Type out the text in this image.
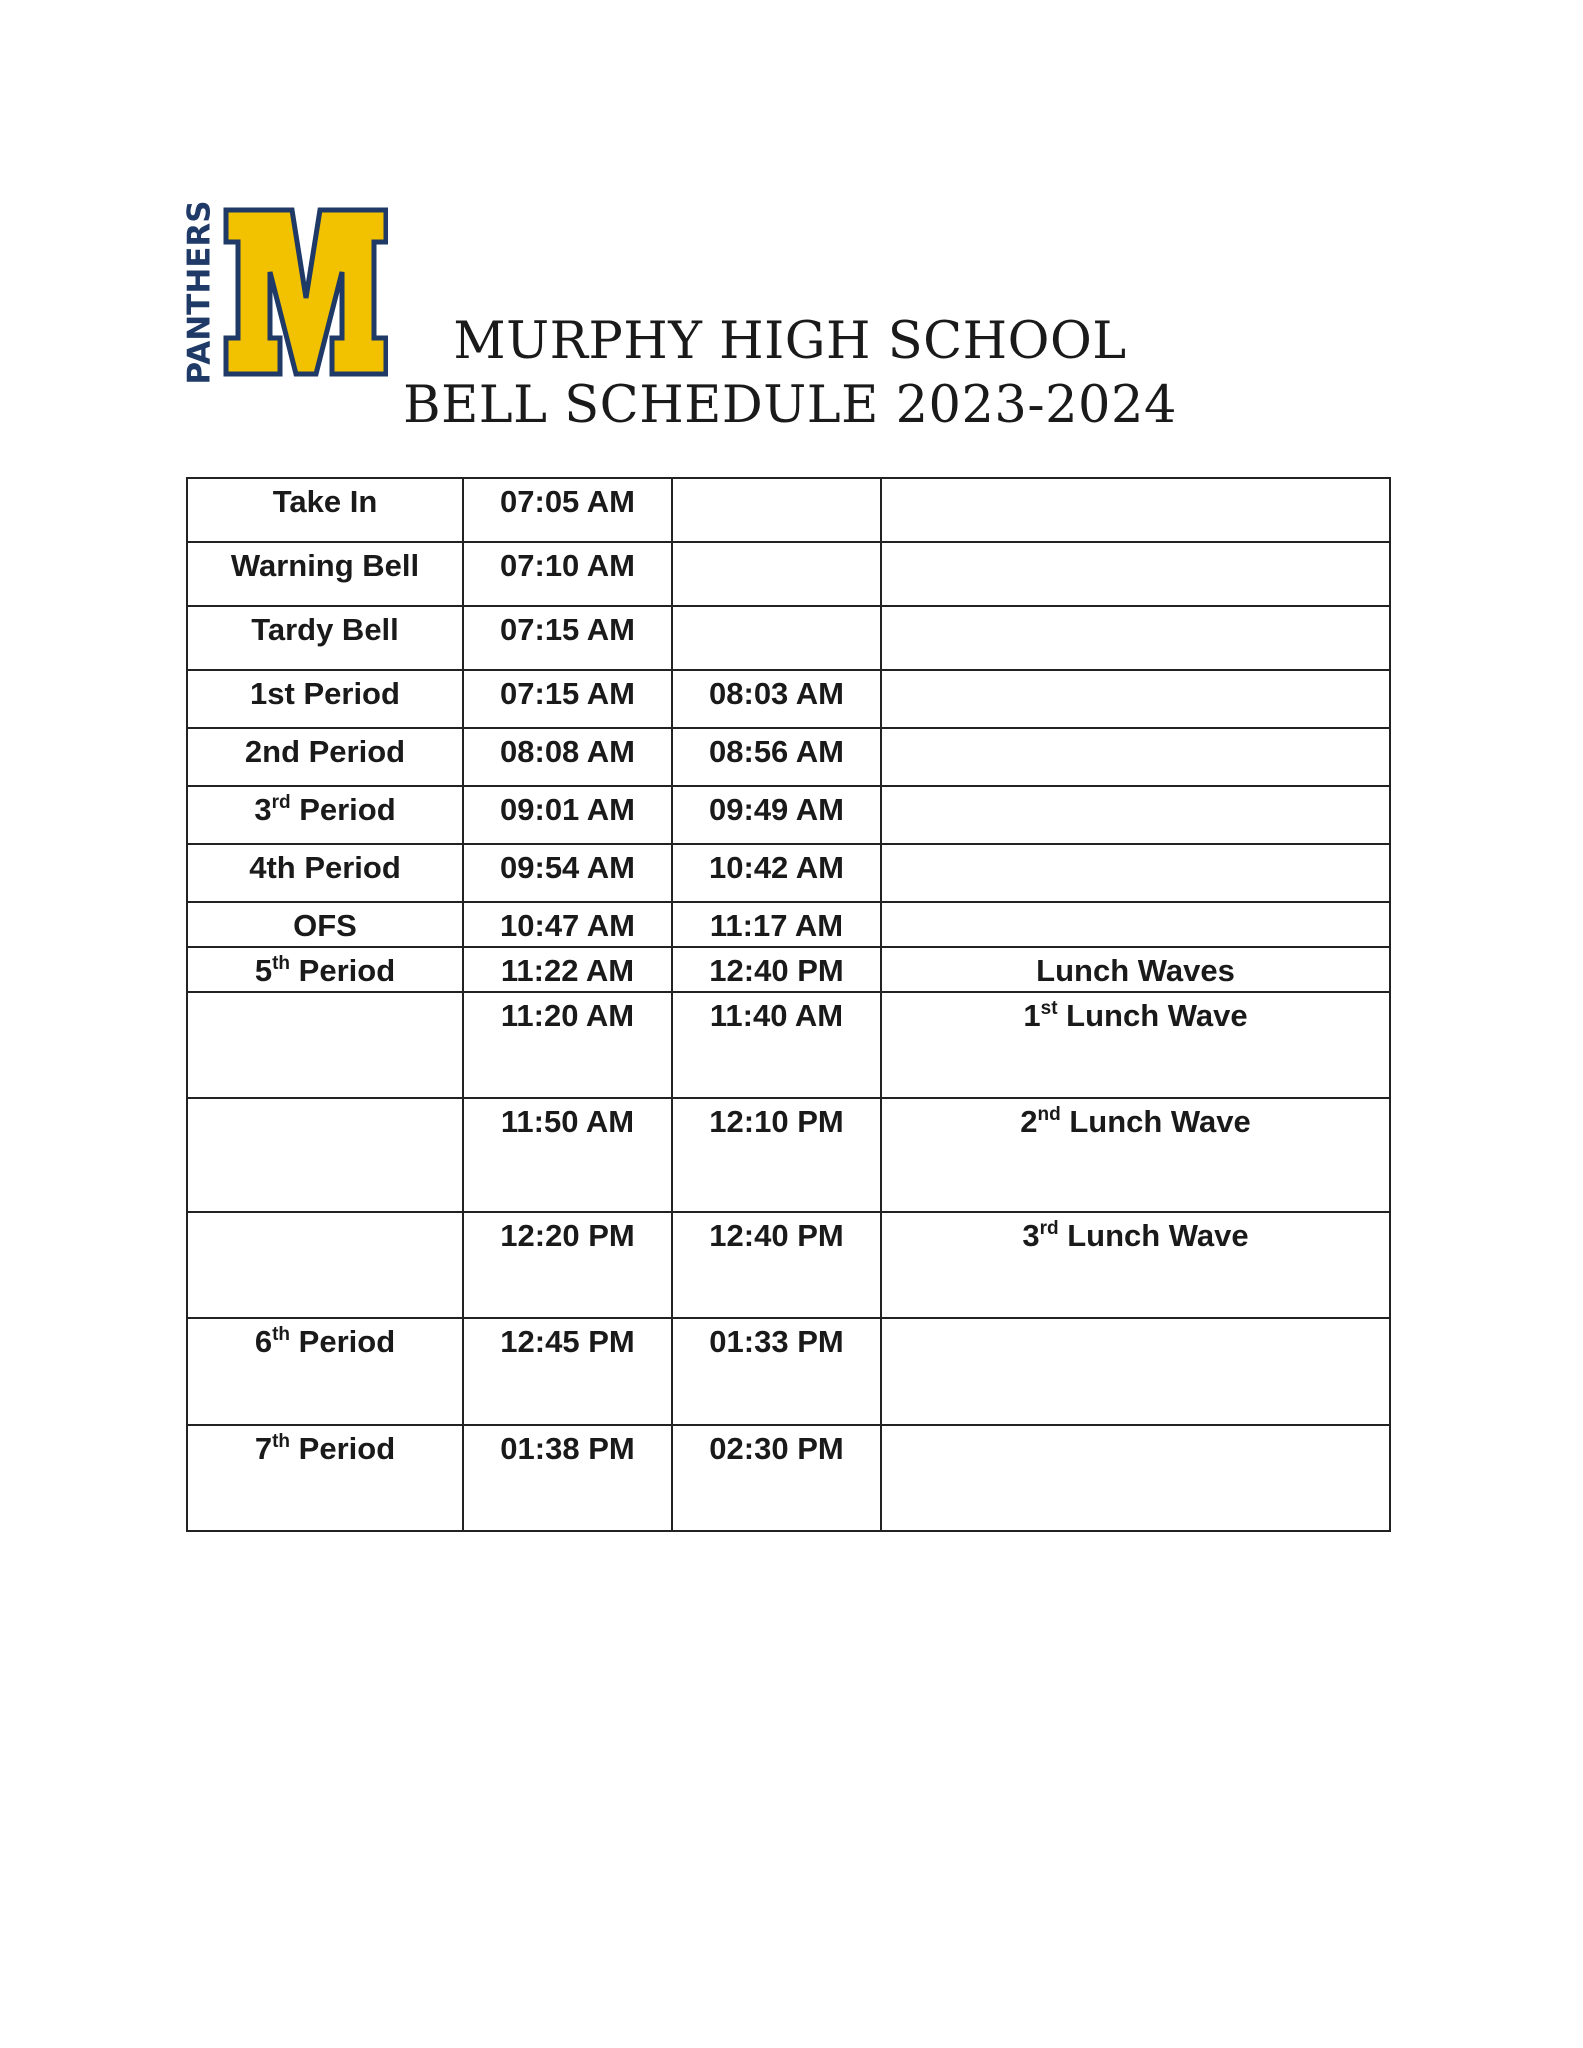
PANTHERS	MURPHY HIGH SCHOOL
BELL SCHEDULE 2023-2024
Take In	07:05 AM		
Warning Bell	07:10 AM		
Tardy Bell	07:15 AM		
1st Period	07:15 AM	08:03 AM	
2nd Period	08:08 AM	08:56 AM	
3rd Period	09:01 AM	09:49 AM	
4th Period	09:54 AM	10:42 AM	
OFS	10:47 AM	11:17 AM	
5th Period	11:22 AM	12:40 PM	Lunch Waves
	11:20 AM	11:40 AM	1st Lunch Wave
	11:50 AM	12:10 PM	2nd Lunch Wave
	12:20 PM	12:40 PM	3rd Lunch Wave
6th Period	12:45 PM	01:33 PM	
7th Period	01:38 PM	02:30 PM	
